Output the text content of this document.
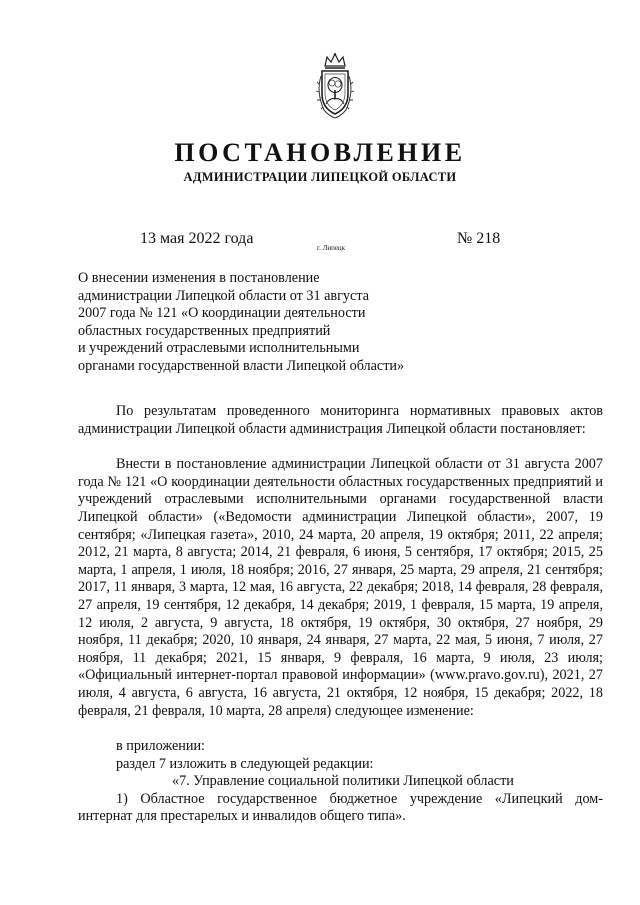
ПОСТАНОВЛЕНИЕ
АДМИНИСТРАЦИИ ЛИПЕЦКОЙ ОБЛАСТИ
13 мая 2022 года
г. Липецк
№ 218
О внесении изменения в постановление
администрации Липецкой области от 31 августа
2007 года № 121 «О координации деятельности
областных государственных предприятий
и учреждений отраслевыми исполнительными
органами государственной власти Липецкой области»

По результатам проведенного мониторинга нормативных правовых актов администрации Липецкой области администрация Липецкой области постановляет:

Внести в постановление администрации Липецкой области от 31 августа 2007 года № 121 «О координации деятельности областных государственных предприятий и учреждений отраслевыми исполнительными органами государственной власти Липецкой области» («Ведомости администрации Липецкой области», 2007, 19 сентября; «Липецкая газета», 2010, 24 марта, 20 апреля, 19 октября; 2011, 22 апреля; 2012, 21 марта, 8 августа; 2014, 21 февраля, 6 июня, 5 сентября, 17 октября; 2015, 25 марта, 1 апреля, 1 июля, 18 ноября; 2016, 27 января, 25 марта, 29 апреля, 21 сентября; 2017, 11 января, 3 марта, 12 мая, 16 августа, 22 декабря; 2018, 14 февраля, 28 февраля, 27 апреля, 19 сентября, 12 декабря, 14 декабря; 2019, 1 февраля, 15 марта, 19 апреля, 12 июля, 2 августа, 9 августа, 18 октября, 19 октября, 30 октября, 27 ноября, 29 ноября, 11 декабря; 2020, 10 января, 24 января, 27 марта, 22 мая, 5 июня, 7 июля, 27 ноября, 11 декабря; 2021, 15 января, 9 февраля, 16 марта, 9 июля, 23 июля; «Официальный интернет-портал правовой информации» (www.pravo.gov.ru), 2021, 27 июля, 4 августа, 6 августа, 16 августа, 21 октября, 12 ноября, 15 декабря; 2022, 18 февраля, 21 февраля, 10 марта, 28 апреля) следующее изменение:

в приложении:

раздел 7 изложить в следующей редакции:

«7. Управление социальной политики Липецкой области

1) Областное государственное бюджетное учреждение «Липецкий дом-интернат для престарелых и инвалидов общего типа».
